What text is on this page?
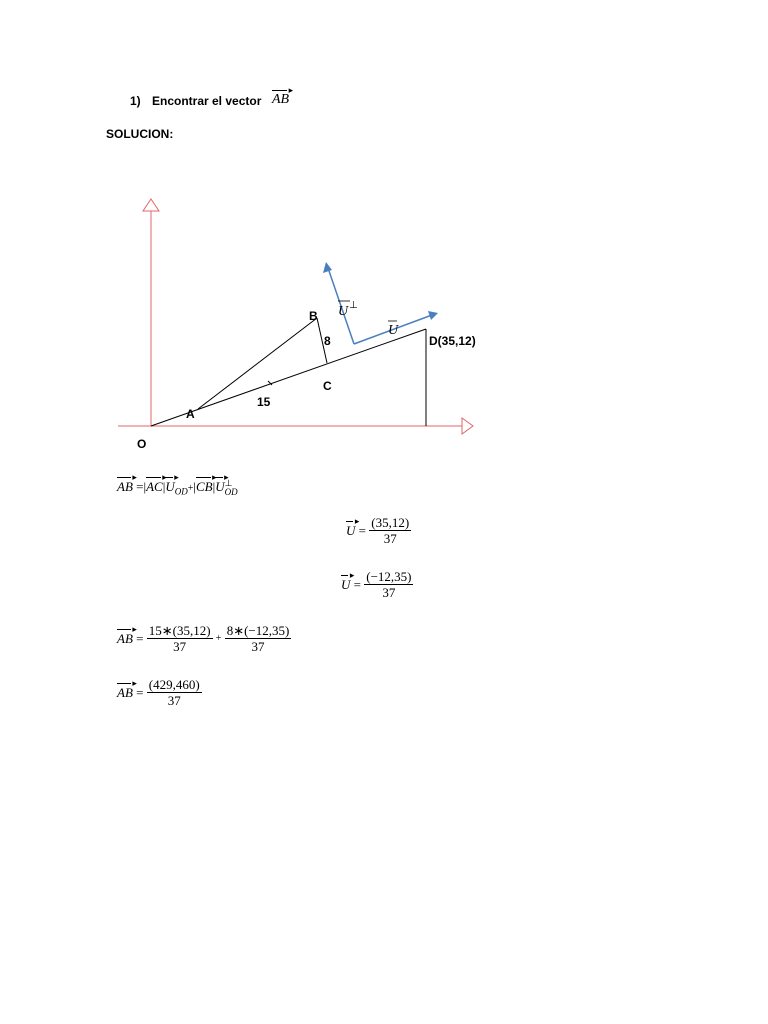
1) Encontrar el vector
▸
AB
SOLUCION:
O
A
B
C
D(35,12)
15
8
U
U ⊥
▸
AB =|
▸
AC|
▸
$U_{OD}+|$
▸
CB|
▸
U ⊥
OD
▸
$U = \frac{(35,12)}{37}$
▸
$U = \frac{(-12,35)}{37}$
▸
AB = $\frac{15∗(35,12)}{37} + \frac{8∗(-12,35)}{37}$
▸
AB = $\frac{(429,460)}{37}$
